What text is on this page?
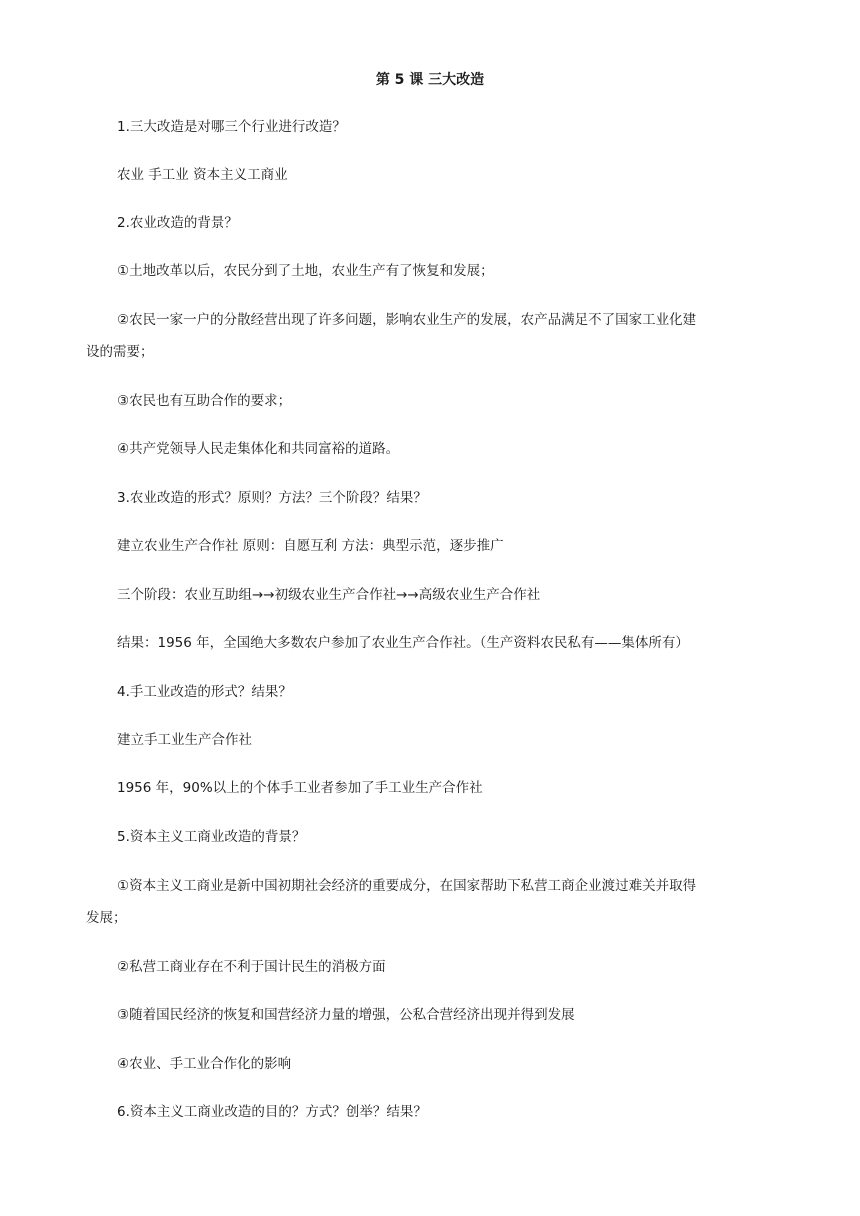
第 5 课 三大改造
1.三大改造是对哪三个行业进行改造？
农业 手工业 资本主义工商业
2.农业改造的背景？
①土地改革以后，农民分到了土地，农业生产有了恢复和发展；
②农民一家一户的分散经营出现了许多问题，影响农业生产的发展，农产品满足不了国家工业化建
设的需要；
③农民也有互助合作的要求；
④共产党领导人民走集体化和共同富裕的道路。
3.农业改造的形式？原则？方法？三个阶段？结果？
建立农业生产合作社 原则：自愿互利 方法：典型示范，逐步推广
三个阶段：农业互助组→→初级农业生产合作社→→高级农业生产合作社
结果：1956 年，全国绝大多数农户参加了农业生产合作社。（生产资料农民私有——集体所有）
4.手工业改造的形式？结果？
建立手工业生产合作社
1956 年，90%以上的个体手工业者参加了手工业生产合作社
5.资本主义工商业改造的背景？
①资本主义工商业是新中国初期社会经济的重要成分，在国家帮助下私营工商企业渡过难关并取得
发展；
②私营工商业存在不利于国计民生的消极方面
③随着国民经济的恢复和国营经济力量的增强，公私合营经济出现并得到发展
④农业、手工业合作化的影响
6.资本主义工商业改造的目的？方式？创举？结果？
